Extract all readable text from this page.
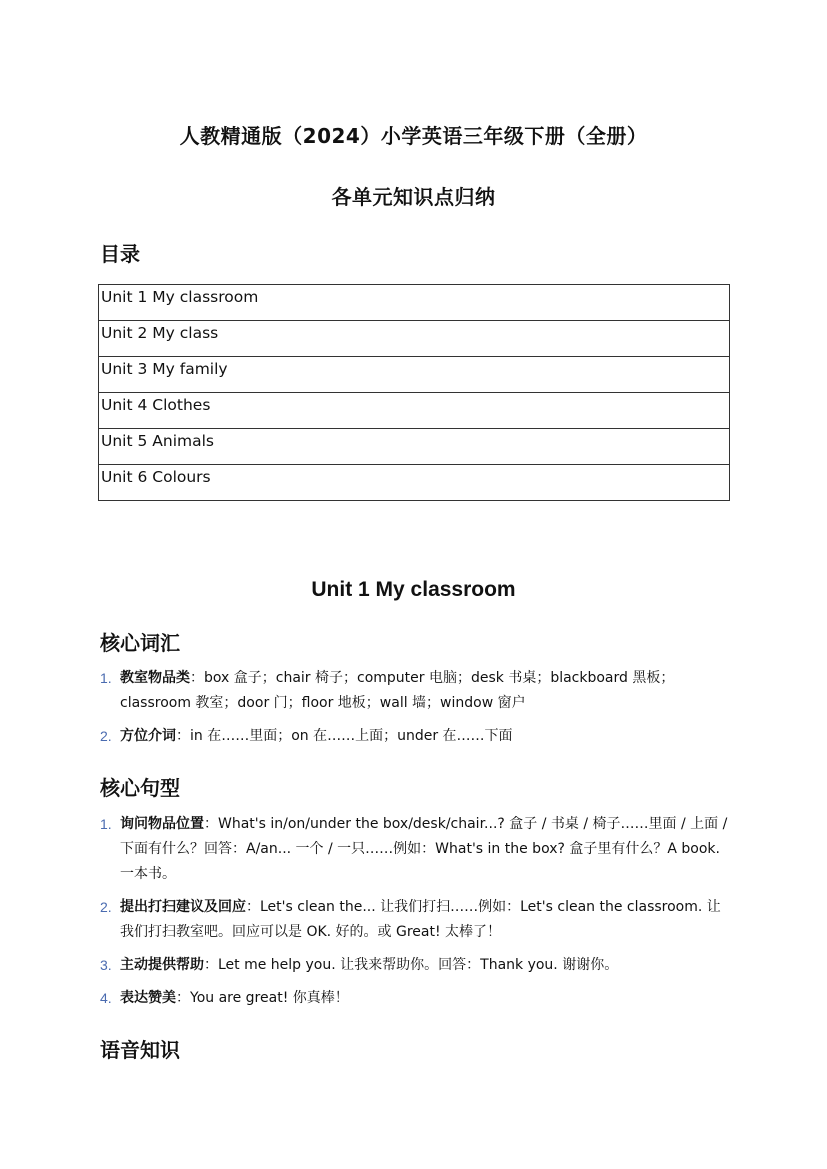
人教精通版（2024）小学英语三年级下册（全册）
各单元知识点归纳
目录
Unit 1 My classroom
Unit 2 My class
Unit 3 My family
Unit 4 Clothes
Unit 5 Animals
Unit 6 Colours
Unit 1 My classroom
核心词汇
1. 教室物品类：box 盒子；chair 椅子；computer 电脑；desk 书桌；blackboard 黑板；classroom 教室；door 门；floor 地板；wall 墙；window 窗户
2. 方位介词：in 在……里面；on 在……上面；under 在……下面
核心句型
1. 询问物品位置：What's in/on/under the box/desk/chair...? 盒子 / 书桌 / 椅子……里面 / 上面 / 下面有什么？回答：A/an... 一个 / 一只……例如：What's in the box? 盒子里有什么？A book. 一本书。
2. 提出打扫建议及回应：Let's clean the... 让我们打扫……例如：Let's clean the classroom. 让我们打扫教室吧。回应可以是 OK. 好的。或 Great! 太棒了！
3. 主动提供帮助：Let me help you. 让我来帮助你。回答：Thank you. 谢谢你。
4. 表达赞美：You are great! 你真棒！
语音知识
